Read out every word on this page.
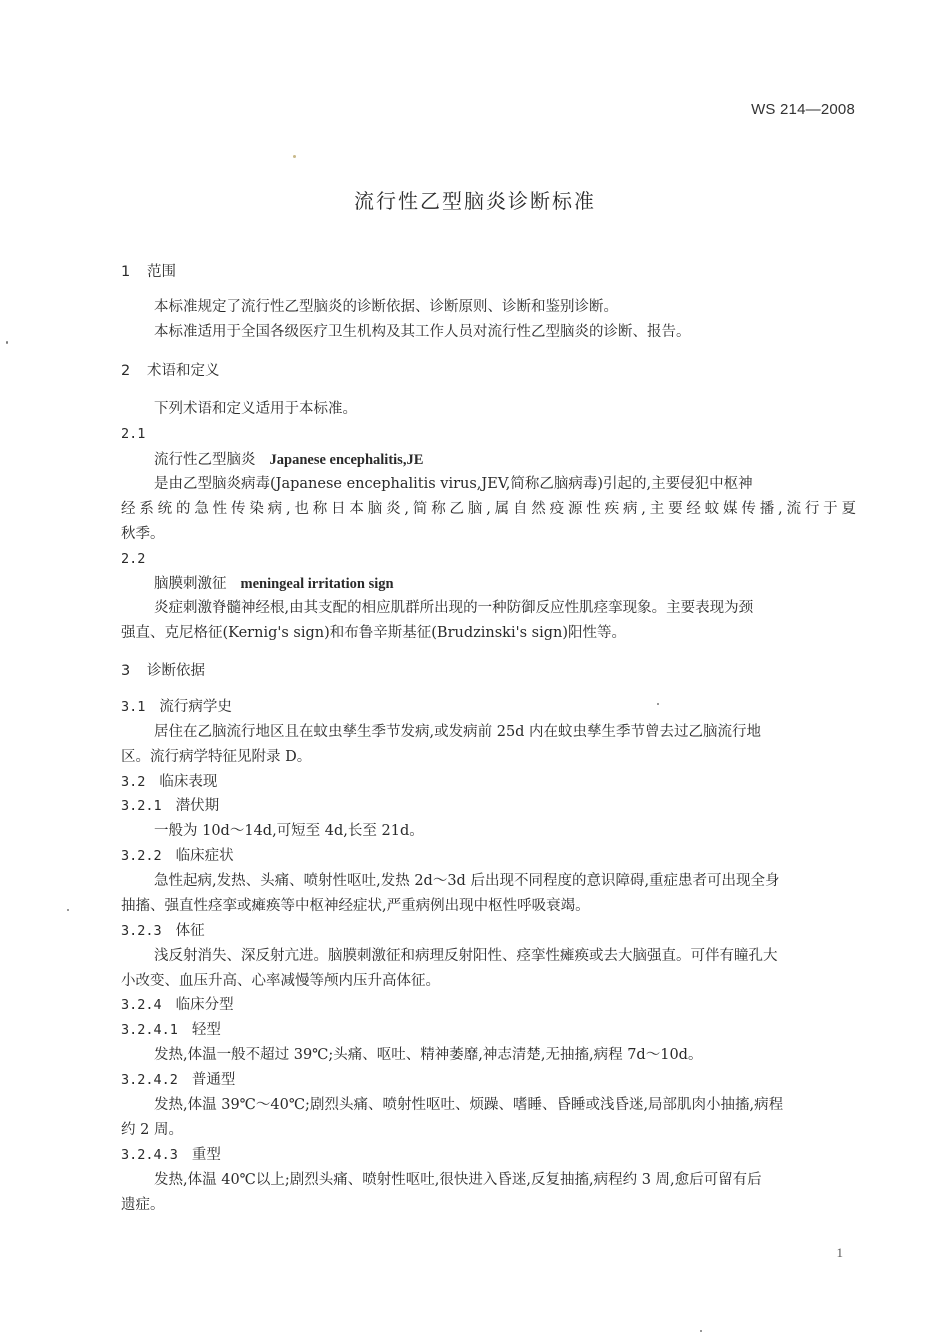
WS 214—2008
流行性乙型脑炎诊断标准
1 范围
本标准规定了流行性乙型脑炎的诊断依据、诊断原则、诊断和鉴别诊断。
本标准适用于全国各级医疗卫生机构及其工作人员对流行性乙型脑炎的诊断、报告。
2 术语和定义
下列术语和定义适用于本标准。
2.1
流行性乙型脑炎 Japanese encephalitis,JE
是由乙型脑炎病毒(Japanese encephalitis virus,JEV,简称乙脑病毒)引起的,主要侵犯中枢神
经系统的急性传染病,也称日本脑炎,简称乙脑,属自然疫源性疾病,主要经蚊媒传播,流行于夏
秋季。
2.2
脑膜刺激征 meningeal irritation sign
炎症刺激脊髓神经根,由其支配的相应肌群所出现的一种防御反应性肌痉挛现象。主要表现为颈
强直、克尼格征(Kernig's sign)和布鲁辛斯基征(Brudzinski's sign)阳性等。
3 诊断依据
3.1 流行病学史
居住在乙脑流行地区且在蚊虫孳生季节发病,或发病前 25d 内在蚊虫孳生季节曾去过乙脑流行地
区。流行病学特征见附录 D。
3.2 临床表现
3.2.1 潜伏期
一般为 10d～14d,可短至 4d,长至 21d。
3.2.2 临床症状
急性起病,发热、头痛、喷射性呕吐,发热 2d～3d 后出现不同程度的意识障碍,重症患者可出现全身
抽搐、强直性痉挛或瘫痪等中枢神经症状,严重病例出现中枢性呼吸衰竭。
3.2.3 体征
浅反射消失、深反射亢进。脑膜刺激征和病理反射阳性、痉挛性瘫痪或去大脑强直。可伴有瞳孔大
小改变、血压升高、心率减慢等颅内压升高体征。
3.2.4 临床分型
3.2.4.1 轻型
发热,体温一般不超过 39℃;头痛、呕吐、精神萎靡,神志清楚,无抽搐,病程 7d～10d。
3.2.4.2 普通型
发热,体温 39℃～40℃;剧烈头痛、喷射性呕吐、烦躁、嗜睡、昏睡或浅昏迷,局部肌肉小抽搐,病程
约 2 周。
3.2.4.3 重型
发热,体温 40℃以上;剧烈头痛、喷射性呕吐,很快进入昏迷,反复抽搐,病程约 3 周,愈后可留有后
遗症。
1
